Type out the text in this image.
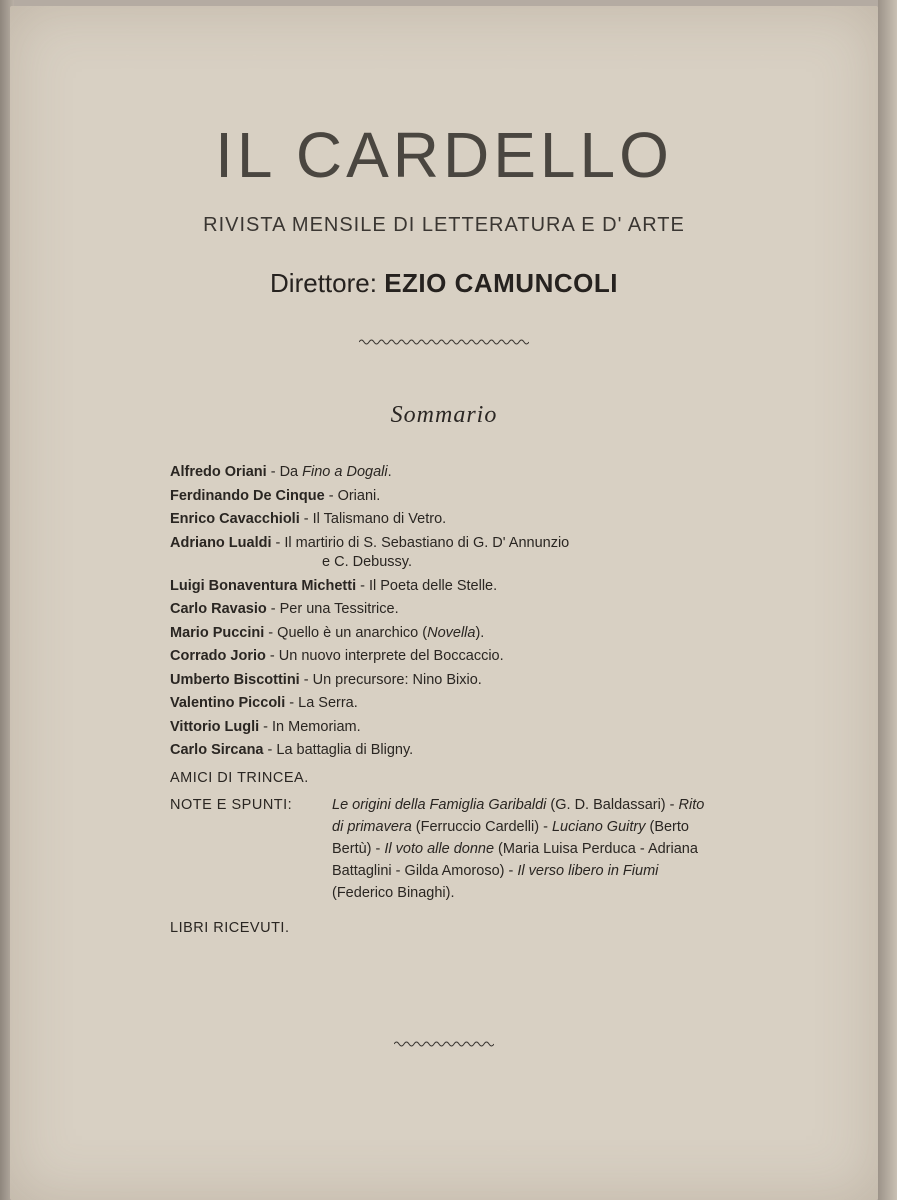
IL CARDELLO
RIVISTA MENSILE DI LETTERATURA E D' ARTE
Direttore: EZIO CAMUNCOLI
Sommario
Alfredo Oriani - Da Fino a Dogali.
Ferdinando De Cinque - Oriani.
Enrico Cavacchioli - Il Talismano di Vetro.
Adriano Lualdi - Il martirio di S. Sebastiano di G. D' Annunzio
e C. Debussy.
Luigi Bonaventura Michetti - Il Poeta delle Stelle.
Carlo Ravasio - Per una Tessitrice.
Mario Puccini - Quello è un anarchico (Novella).
Corrado Jorio - Un nuovo interprete del Boccaccio.
Umberto Biscottini - Un precursore: Nino Bixio.
Valentino Piccoli - La Serra.
Vittorio Lugli - In Memoriam.
Carlo Sircana - La battaglia di Bligny.
AMICI DI TRINCEA.
NOTE E SPUNTI:	Le origini della Famiglia Garibaldi (G. D. Baldassari) - Rito di primavera (Ferruccio Cardelli) - Luciano Guitry (Berto Bertù) - Il voto alle donne (Maria Luisa Perduca - Adriana Battaglini - Gilda Amoroso) - Il verso libero in Fiumi (Federico Binaghi).
LIBRI RICEVUTI.
